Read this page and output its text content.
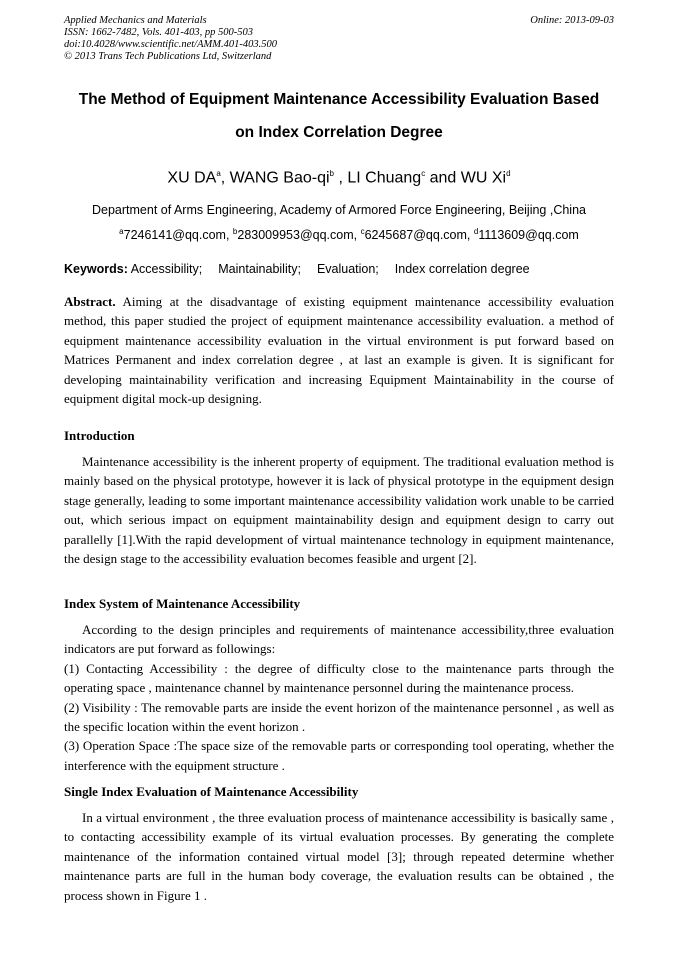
Applied Mechanics and Materials
ISSN: 1662-7482, Vols. 401-403, pp 500-503
doi:10.4028/www.scientific.net/AMM.401-403.500
© 2013 Trans Tech Publications Ltd, Switzerland
Online: 2013-09-03
The Method of Equipment Maintenance Accessibility Evaluation Based
on Index Correlation Degree
XU $DA^a$, WANG Bao-$qi^b$ , LI Chuang$^c$ and WU Xi$^d$
Department of Arms Engineering, Academy of Armored Force Engineering, Beijing ,China
$^a$7246141@qq.com, $^b$283009953@qq.com, $^c$6245687@qq.com, $^d$1113609@qq.com
Keywords: Accessibility; Maintainability; Evaluation; Index correlation degree

Abstract. Aiming at the disadvantage of existing equipment maintenance accessibility evaluation method, this paper studied the project of equipment maintenance accessibility evaluation. a method of equipment maintenance accessibility evaluation in the virtual environment is put forward based on Matrices Permanent and index correlation degree , at last an example is given. It is significant for developing maintainability verification and increasing Equipment Maintainability in the course of equipment digital mock-up designing.

Introduction

Maintenance accessibility is the inherent property of equipment. The traditional evaluation method is mainly based on the physical prototype, however it is lack of physical prototype in the equipment design stage generally, leading to some important maintenance accessibility validation work unable to be carried out, which serious impact on equipment maintainability design and equipment design to carry out parallelly [1].With the rapid development of virtual maintenance technology in equipment maintenance, the design stage to the accessibility evaluation becomes feasible and urgent [2].

Index System of Maintenance Accessibility

According to the design principles and requirements of maintenance accessibility,three evaluation indicators are put forward as followings:

(1) Contacting Accessibility : the degree of difficulty close to the maintenance parts through the operating space , maintenance channel by maintenance personnel during the maintenance process.

(2) Visibility : The removable parts are inside the event horizon of the maintenance personnel , as well as the specific location within the event horizon .

(3) Operation Space :The space size of the removable parts or corresponding tool operating, whether the interference with the equipment structure .

Single Index Evaluation of Maintenance Accessibility

In a virtual environment , the three evaluation process of maintenance accessibility is basically same , to contacting accessibility example of its virtual evaluation processes. By generating the complete maintenance of the information contained virtual model [3]; through repeated determine whether maintenance parts are full in the human body coverage, the evaluation results can be obtained , the process shown in Figure 1 .
